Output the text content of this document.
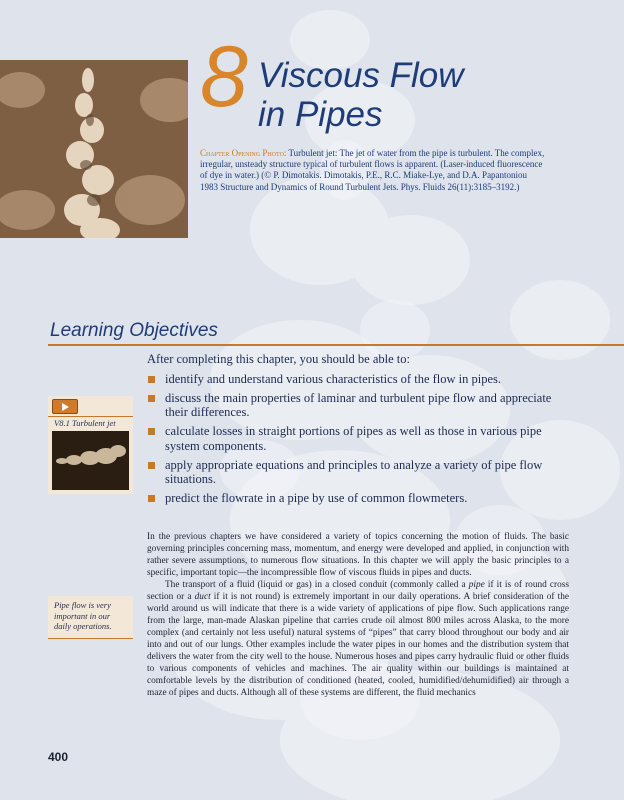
8 Viscous Flow
in Pipes
Chapter Opening Photo: Turbulent jet: The jet of water from the pipe is turbulent. The complex, irregular, unsteady structure typical of turbulent flows is apparent. (Laser-induced fluorescence of dye in water.) (© P. Dimotakis. Dimotakis, P.E., R.C. Miake-Lye, and D.A. Papantoniou 1983 Structure and Dynamics of Round Turbulent Jets. Phys. Fluids 26(11):3185–3192.)
Learning Objectives

After completing this chapter, you should be able to:

identify and understand various characteristics of the flow in pipes.
discuss the main properties of laminar and turbulent pipe flow and appreciate their differences.
calculate losses in straight portions of pipes as well as those in various pipe system components.
apply appropriate equations and principles to analyze a variety of pipe flow situations.
predict the flowrate in a pipe by use of common flowmeters.
V8.1 Turbulent jet
Pipe flow is very important in our daily operations.

In the previous chapters we have considered a variety of topics concerning the motion of fluids. The basic governing principles concerning mass, momentum, and energy were developed and applied, in conjunction with rather severe assumptions, to numerous flow situations. In this chapter we will apply the basic principles to a specific, important topic—the incompressible flow of viscous fluids in pipes and ducts.

The transport of a fluid (liquid or gas) in a closed conduit (commonly called a pipe if it is of round cross section or a duct if it is not round) is extremely important in our daily operations. A brief consideration of the world around us will indicate that there is a wide variety of applications of pipe flow. Such applications range from the large, man-made Alaskan pipeline that carries crude oil almost 800 miles across Alaska, to the more complex (and certainly not less useful) natural systems of “pipes” that carry blood throughout our body and air into and out of our lungs. Other examples include the water pipes in our homes and the distribution system that delivers the water from the city well to the house. Numerous hoses and pipes carry hydraulic fluid or other fluids to various components of vehicles and machines. The air quality within our buildings is maintained at comfortable levels by the distribution of conditioned (heated, cooled, humidified/dehumidified) air through a maze of pipes and ducts. Although all of these systems are different, the fluid mechanics

400
